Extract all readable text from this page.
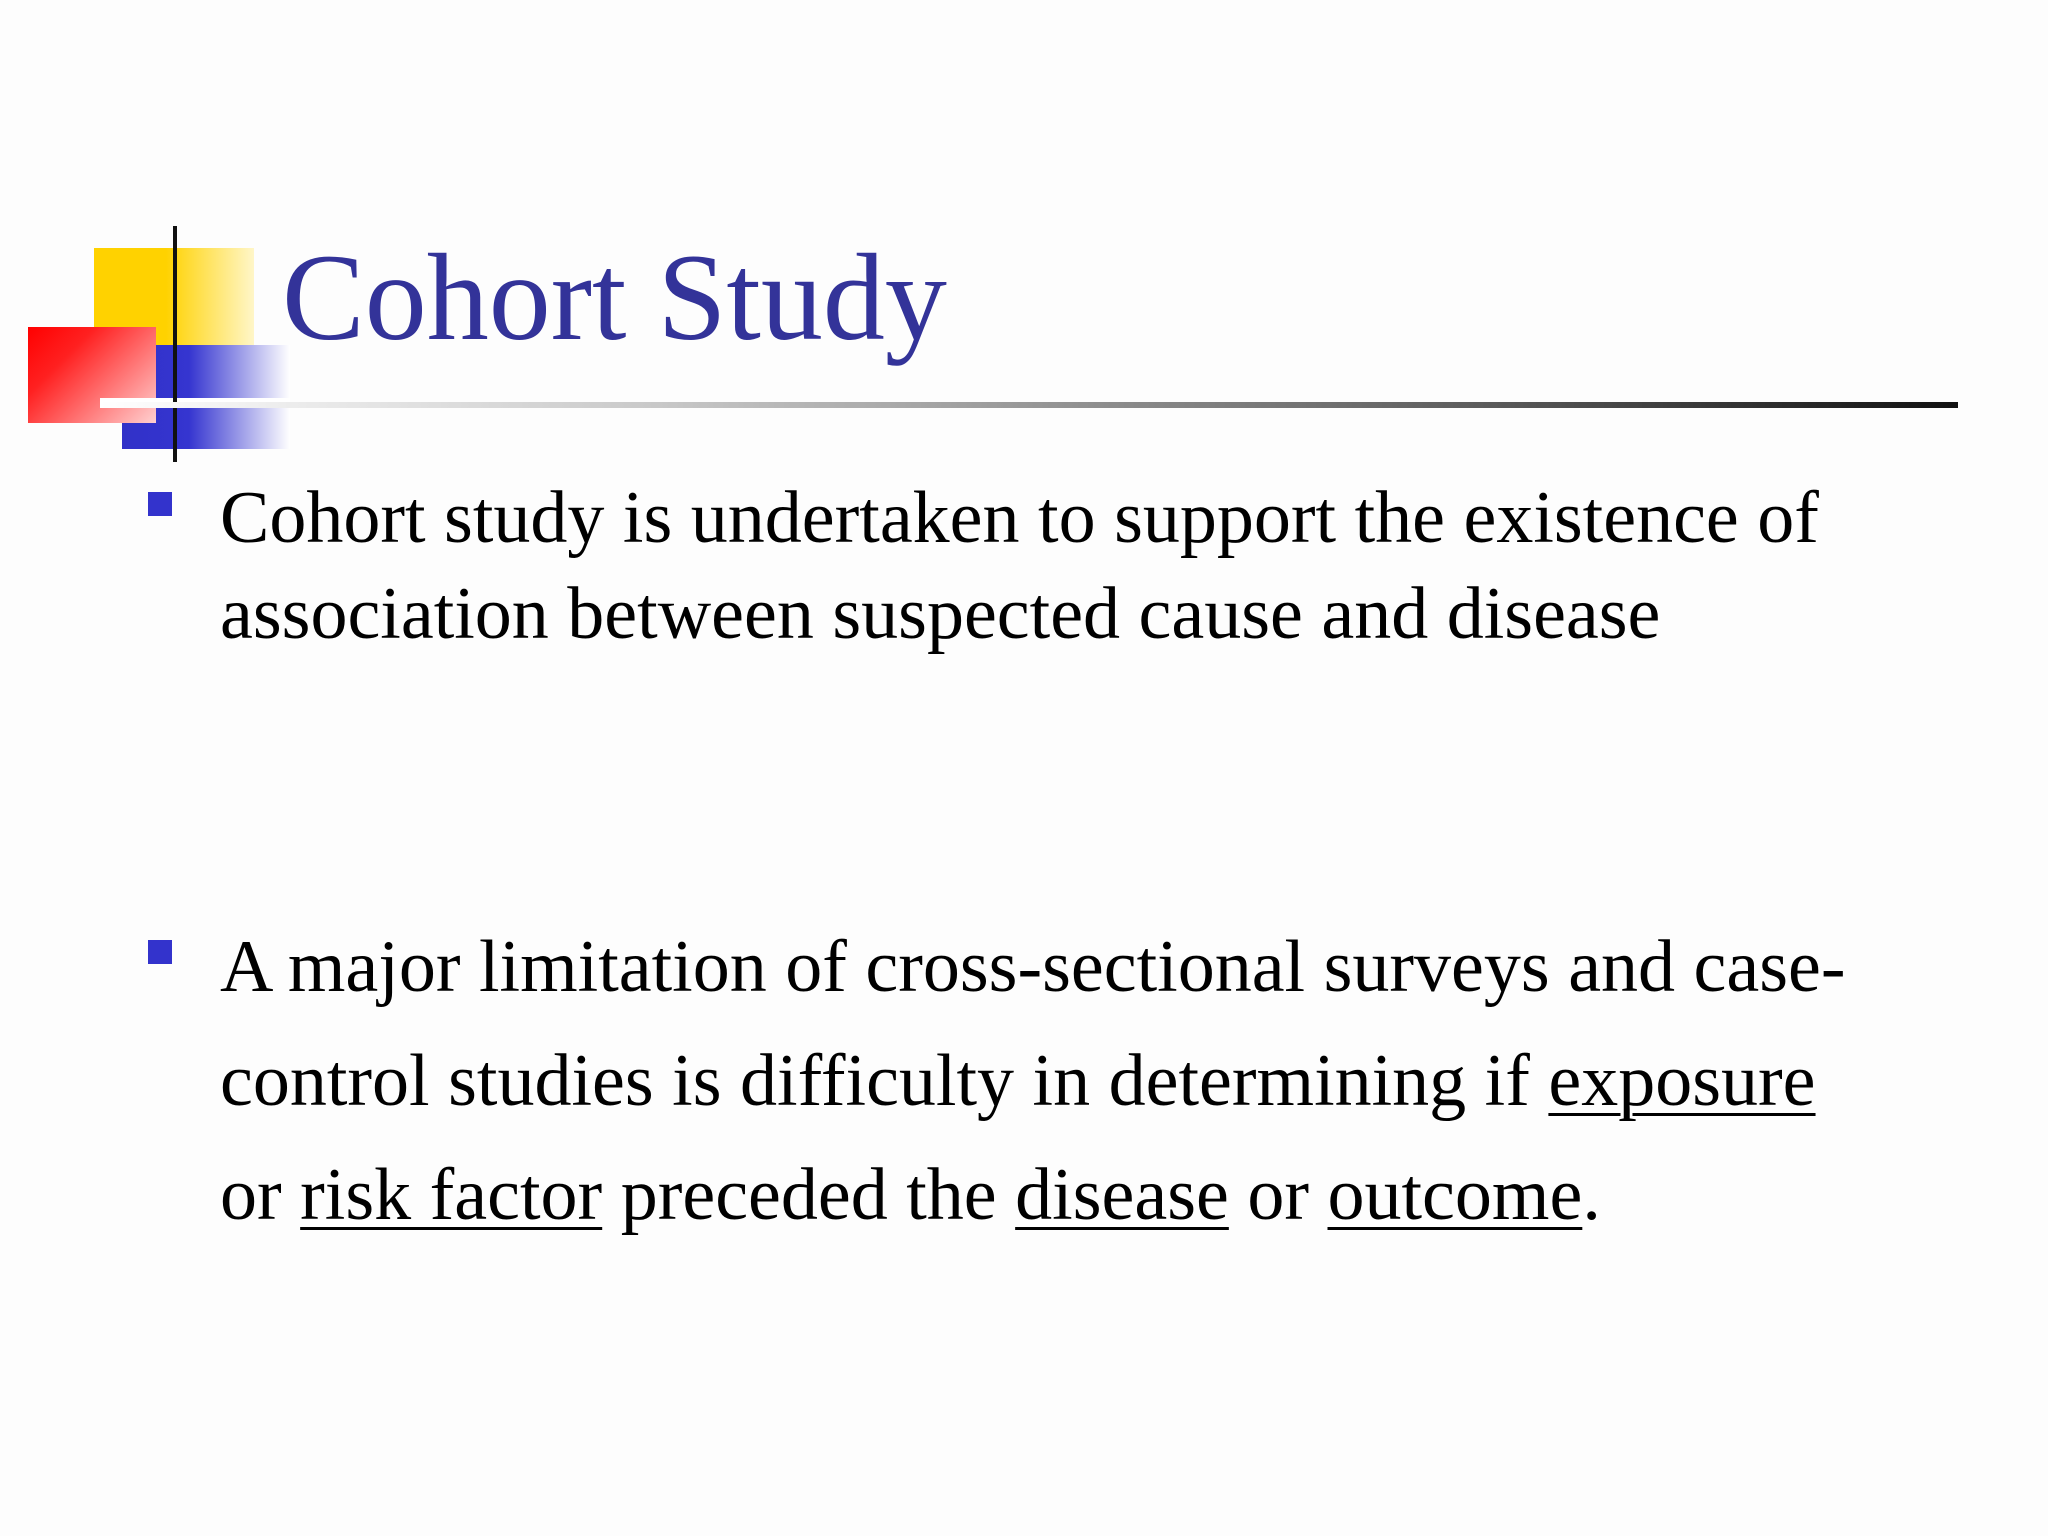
Cohort Study
Cohort study is undertaken to support the existence of association between suspected cause and disease
A major limitation of cross-sectional surveys and case-control studies is difficulty in determining if exposure or risk factor preceded the disease or outcome.
